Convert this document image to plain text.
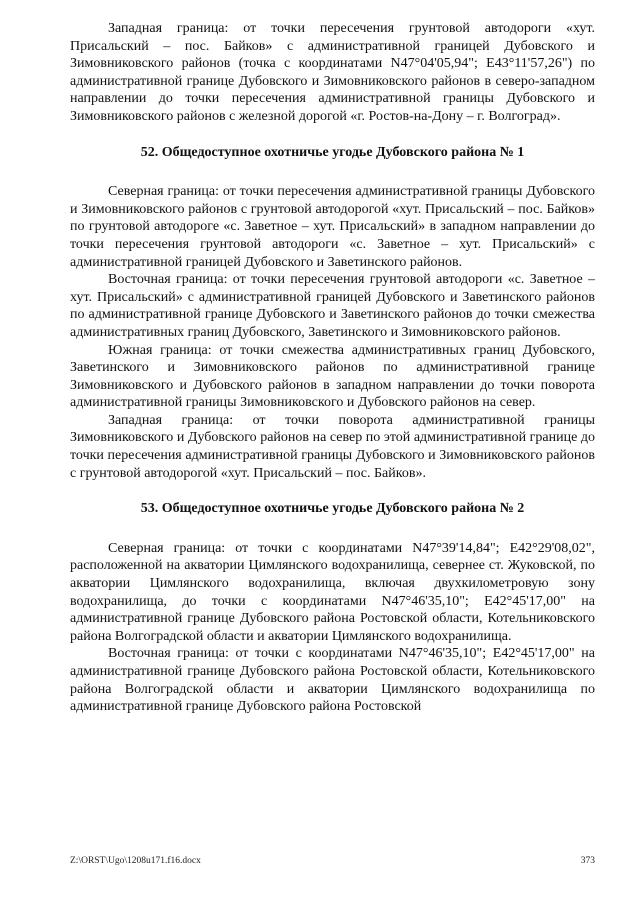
Западная граница: от точки пересечения грунтовой автодороги «хут. Присальский – пос. Байков» с административной границей Дубовского и Зимовниковского районов (точка с координатами N47°04'05,94"; E43°11'57,26") по административной границе Дубовского и Зимовниковского районов в северо-западном направлении до точки пересечения административной границы Дубовского и Зимовниковского районов с железной дорогой «г. Ростов-на-Дону – г. Волгоград».

52. Общедоступное охотничье угодье Дубовского района № 1

Северная граница: от точки пересечения административной границы Дубовского и Зимовниковского районов с грунтовой автодорогой «хут. Присальский – пос. Байков» по грунтовой автодороге «с. Заветное – хут. Присальский» в западном направлении до точки пересечения грунтовой автодороги «с. Заветное – хут. Присальский» с административной границей Дубовского и Заветинского районов.

Восточная граница: от точки пересечения грунтовой автодороги «с. Заветное – хут. Присальский» с административной границей Дубовского и Заветинского районов по административной границе Дубовского и Заветинского районов до точки смежества административных границ Дубовского, Заветинского и Зимовниковского районов.

Южная граница: от точки смежества административных границ Дубовского, Заветинского и Зимовниковского районов по административной границе Зимовниковского и Дубовского районов в западном направлении до точки поворота административной границы Зимовниковского и Дубовского районов на север.

Западная граница: от точки поворота административной границы Зимовниковского и Дубовского районов на север по этой административной границе до точки пересечения административной границы Дубовского и Зимовниковского районов с грунтовой автодорогой «хут. Присальский – пос. Байков».

53. Общедоступное охотничье угодье Дубовского района № 2

Северная граница: от точки с координатами N47°39'14,84"; E42°29'08,02", расположенной на акватории Цимлянского водохранилища, севернее ст. Жуковской, по акватории Цимлянского водохранилища, включая двухкилометровую зону водохранилища, до точки с координатами N47°46'35,10"; E42°45'17,00" на административной границе Дубовского района Ростовской области, Котельниковского района Волгоградской области и акватории Цимлянского водохранилища.

Восточная граница: от точки с координатами N47°46'35,10"; E42°45'17,00" на административной границе Дубовского района Ростовской области, Котельниковского района Волгоградской области и акватории Цимлянского водохранилища по административной границе Дубовского района Ростовской

Z:\ORST\Ugo\1208u171.f16.docx	373
